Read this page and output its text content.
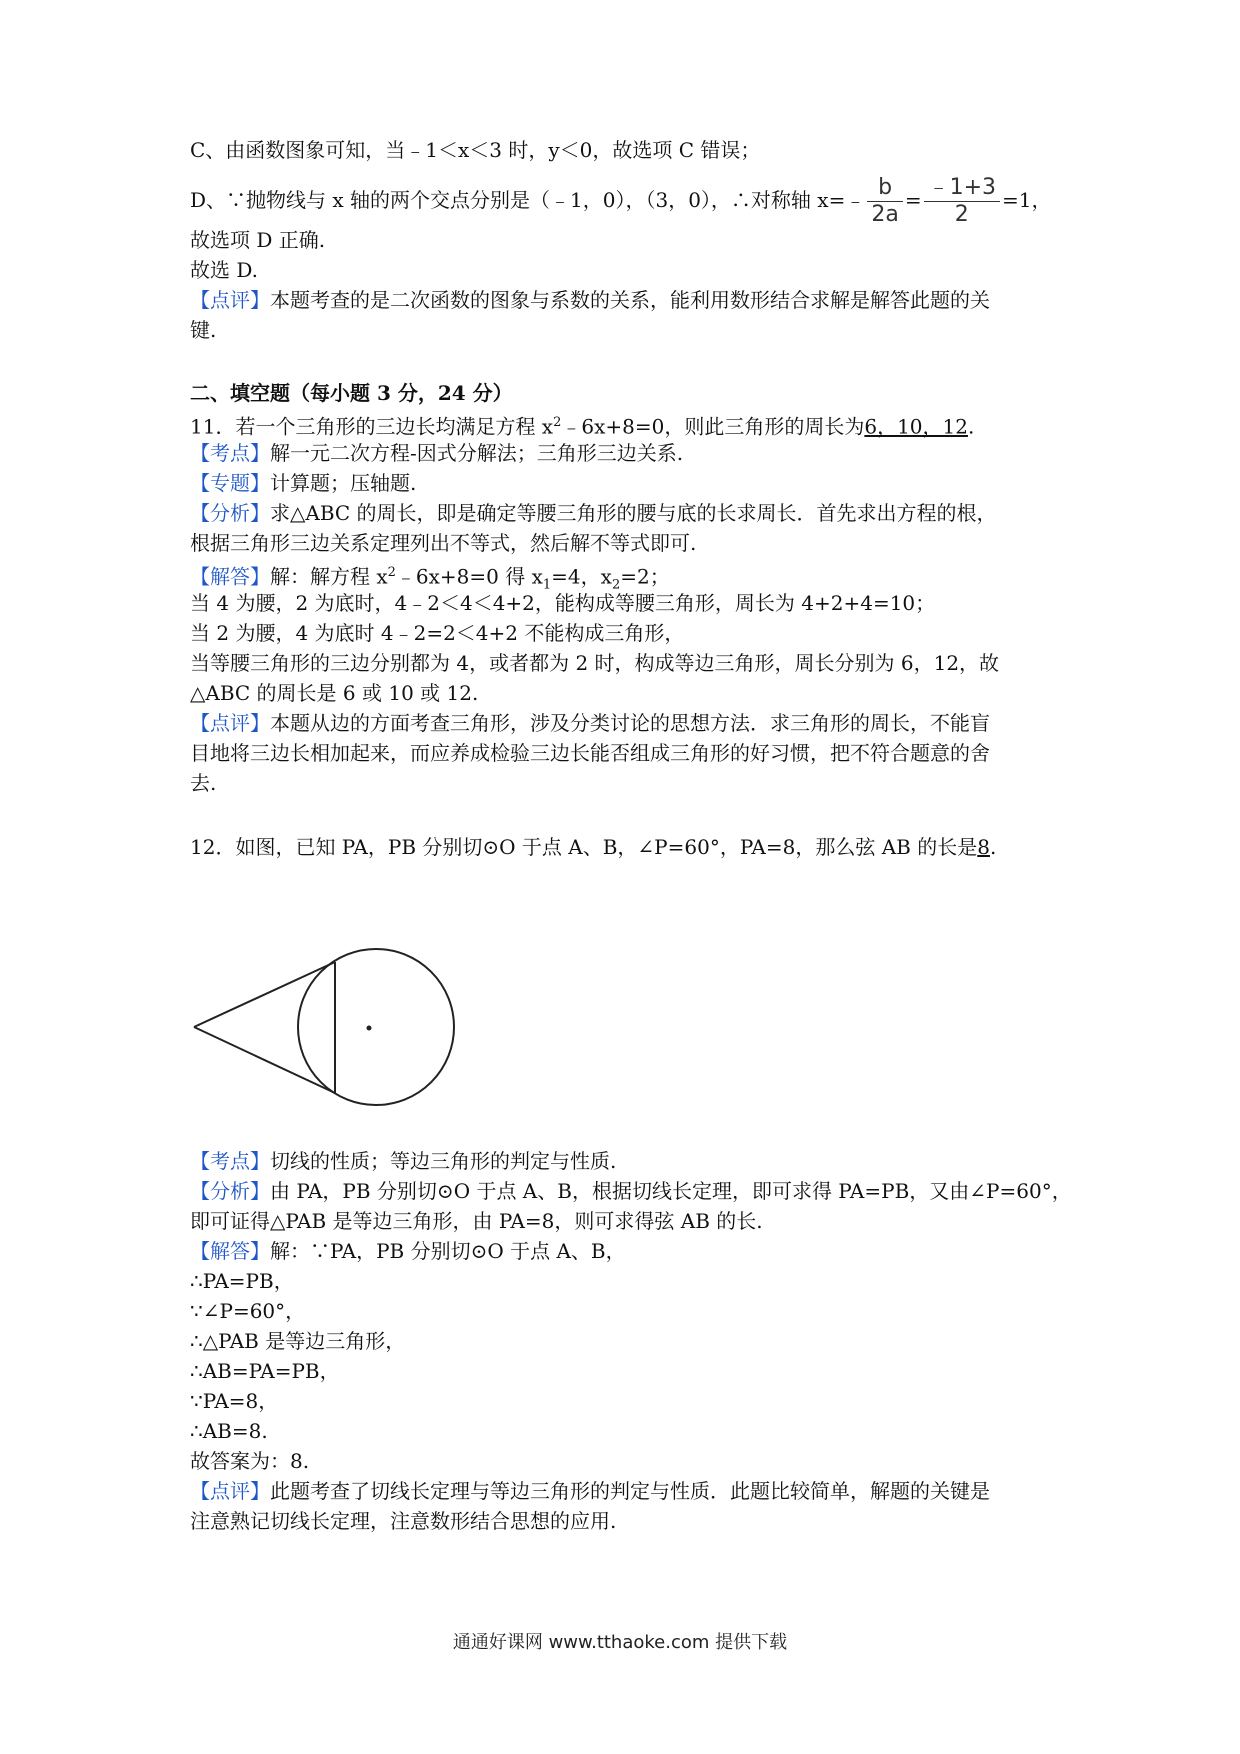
C、由函数图象可知，当﹣1＜x＜3 时，y＜0，故选项 C 错误；
D、∵抛物线与 x 轴的两个交点分别是（﹣1，0），（3，0），∴对称轴 x=﹣ $\frac{b}{2a} = \frac{﹣1+3}{2} =1$，
故选项 D 正确.
故选 D.
【点评】本题考查的是二次函数的图象与系数的关系，能利用数形结合求解是解答此题的关
键.
二、填空题（每小题 3 分，24 分）
11．若一个三角形的三边长均满足方程 $x^2﹣6x+8=0$，则此三角形的周长为6，10，12.
【考点】解一元二次方程-因式分解法；三角形三边关系.
【专题】计算题；压轴题.
【分析】求△ABC 的周长，即是确定等腰三角形的腰与底的长求周长．首先求出方程的根，
根据三角形三边关系定理列出不等式，然后解不等式即可.
【解答】解：解方程 $x^2﹣6x+8=0$ 得 $x_1=4$，$x_2=2$；
当 4 为腰，2 为底时，4﹣2＜4＜4+2，能构成等腰三角形，周长为 4+2+4=10；
当 2 为腰，4 为底时 4﹣2=2＜4+2 不能构成三角形，
当等腰三角形的三边分别都为 4，或者都为 2 时，构成等边三角形，周长分别为 6，12，故
△ABC 的周长是 6 或 10 或 12.
【点评】本题从边的方面考查三角形，涉及分类讨论的思想方法．求三角形的周长，不能盲
目地将三边长相加起来，而应养成检验三边长能否组成三角形的好习惯，把不符合题意的舍
去.
12．如图，已知 PA，PB 分别切⊙O 于点 A、B，∠P=60°，PA=8，那么弦 AB 的长是8.
【考点】切线的性质；等边三角形的判定与性质.
【分析】由 PA，PB 分别切⊙O 于点 A、B，根据切线长定理，即可求得 PA=PB，又由∠P=60°，
即可证得△PAB 是等边三角形，由 PA=8，则可求得弦 AB 的长.
【解答】解：∵PA，PB 分别切⊙O 于点 A、B，
∴PA=PB，
∵∠P=60°，
∴△PAB 是等边三角形，
∴AB=PA=PB，
∵PA=8，
∴AB=8.
故答案为：8.
【点评】此题考查了切线长定理与等边三角形的判定与性质．此题比较简单，解题的关键是
注意熟记切线长定理，注意数形结合思想的应用.
通通好课网 www.tthaoke.com 提供下载
